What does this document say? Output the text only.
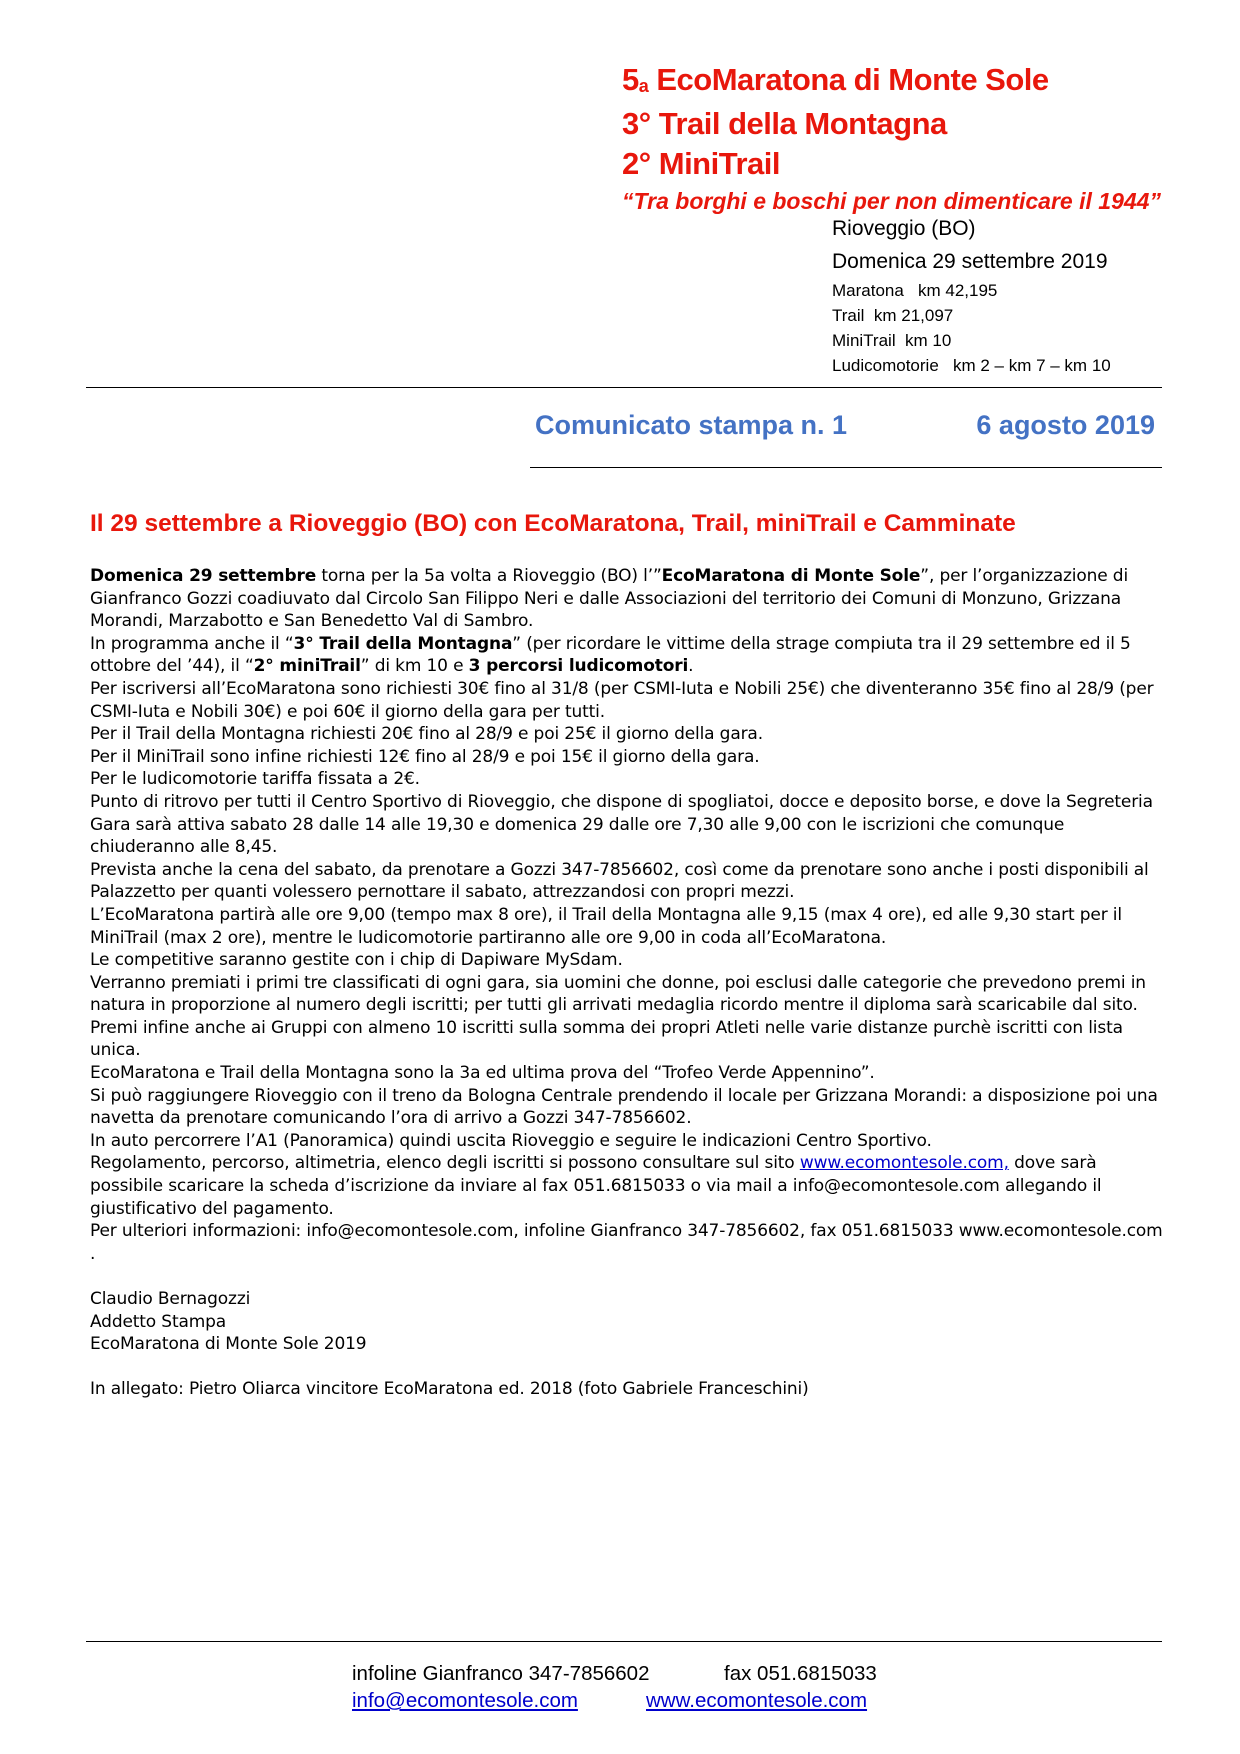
5a EcoMaratona di Monte Sole
3° Trail della Montagna
2° MiniTrail
“Tra borghi e boschi per non dimenticare il 1944”
Rioveggio (BO)
Domenica 29 settembre 2019
Maratona   km 42,195
Trail  km 21,097
MiniTrail  km 10
Ludicomotorie   km 2 – km 7 – km 10
Comunicato stampa n. 1	6 agosto 2019
Il 29 settembre a Rioveggio (BO) con EcoMaratona, Trail, miniTrail e Camminate

Domenica 29 settembre torna per la 5a volta a Rioveggio (BO) l’”EcoMaratona di Monte Sole”, per l’organizzazione di Gianfranco Gozzi coadiuvato dal Circolo San Filippo Neri e dalle Associazioni del territorio dei Comuni di Monzuno, Grizzana Morandi, Marzabotto e San Benedetto Val di Sambro.

In programma anche il “3° Trail della Montagna” (per ricordare le vittime della strage compiuta tra il 29 settembre ed il 5 ottobre del ’44), il “2° miniTrail” di km 10 e 3 percorsi ludicomotori.

Per iscriversi all’EcoMaratona sono richiesti 30€ fino al 31/8 (per CSMI-Iuta e Nobili 25€) che diventeranno 35€ fino al 28/9 (per CSMI-Iuta e Nobili 30€) e poi 60€ il giorno della gara per tutti.

Per il Trail della Montagna richiesti 20€ fino al 28/9 e poi 25€ il giorno della gara.

Per il MiniTrail sono infine richiesti 12€ fino al 28/9 e poi 15€ il giorno della gara.

Per le ludicomotorie tariffa fissata a 2€.

Punto di ritrovo per tutti il Centro Sportivo di Rioveggio, che dispone di spogliatoi, docce e deposito borse, e dove la Segreteria Gara sarà attiva sabato 28 dalle 14 alle 19,30 e domenica 29 dalle ore 7,30 alle 9,00 con le iscrizioni che comunque chiuderanno alle 8,45.

Prevista anche la cena del sabato, da prenotare a Gozzi 347-7856602, così come da prenotare sono anche i posti disponibili al Palazzetto per quanti volessero pernottare il sabato, attrezzandosi con propri mezzi.

L’EcoMaratona partirà alle ore 9,00 (tempo max 8 ore), il Trail della Montagna alle 9,15 (max 4 ore), ed alle 9,30 start per il MiniTrail (max 2 ore), mentre le ludicomotorie partiranno alle ore 9,00 in coda all’EcoMaratona.

Le competitive saranno gestite con i chip di Dapiware MySdam.

Verranno premiati i primi tre classificati di ogni gara, sia uomini che donne, poi esclusi dalle categorie che prevedono premi in natura in proporzione al numero degli iscritti; per tutti gli arrivati medaglia ricordo mentre il diploma sarà scaricabile dal sito.

Premi infine anche ai Gruppi con almeno 10 iscritti sulla somma dei propri Atleti nelle varie distanze purchè iscritti con lista unica.

EcoMaratona e Trail della Montagna sono la 3a ed ultima prova del “Trofeo Verde Appennino”.

Si può raggiungere Rioveggio con il treno da Bologna Centrale prendendo il locale per Grizzana Morandi: a disposizione poi una navetta da prenotare comunicando l’ora di arrivo a Gozzi 347-7856602.

In auto percorrere l’A1 (Panoramica) quindi uscita Rioveggio e seguire le indicazioni Centro Sportivo.

Regolamento, percorso, altimetria, elenco degli iscritti si possono consultare sul sito www.ecomontesole.com, dove sarà possibile scaricare la scheda d’iscrizione da inviare al fax 051.6815033 o via mail a info@ecomontesole.com allegando il giustificativo del pagamento.

Per ulteriori informazioni: info@ecomontesole.com, infoline Gianfranco 347-7856602, fax 051.6815033 www.ecomontesole.com .

Claudio Bernagozzi

Addetto Stampa

EcoMaratona di Monte Sole 2019

In allegato: Pietro Oliarca vincitore EcoMaratona ed. 2018 (foto Gabriele Franceschini)

infoline Gianfranco 347-7856602	fax 051.6815033
info@ecomontesole.com	www.ecomontesole.com
